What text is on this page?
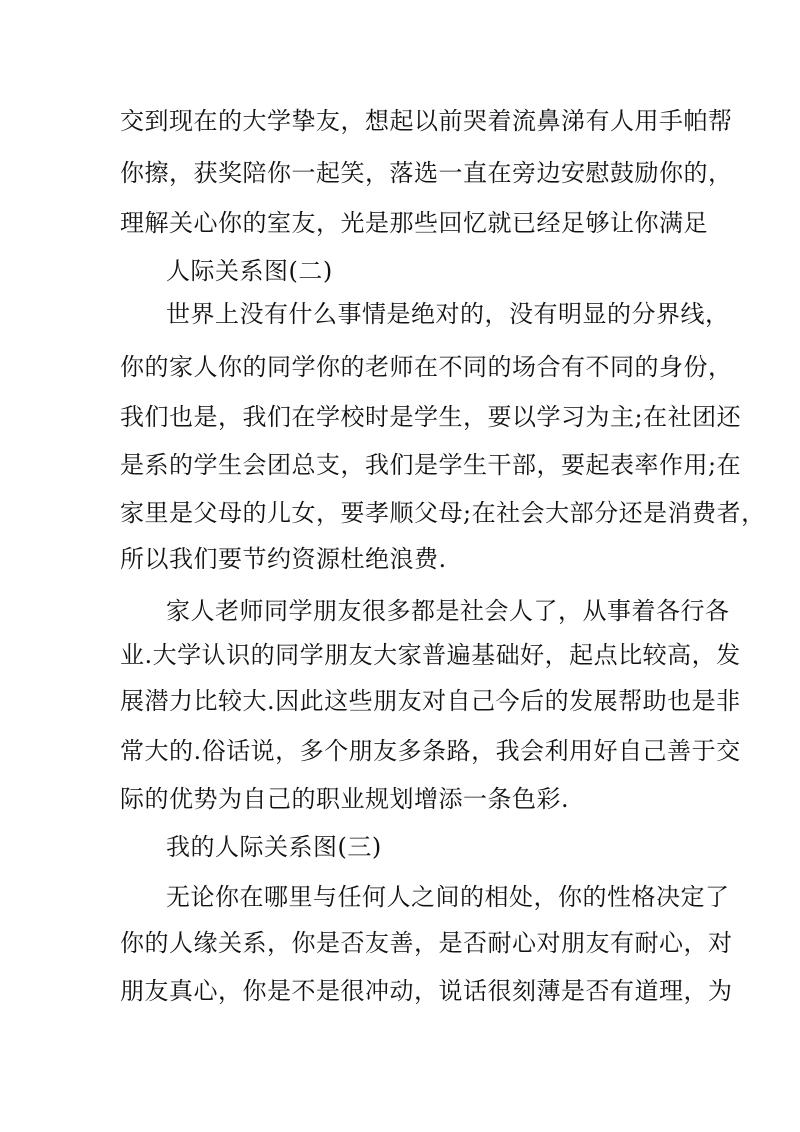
交到现在的大学挚友，想起以前哭着流鼻涕有人用手帕帮
你擦，获奖陪你一起笑，落选一直在旁边安慰鼓励你的，
理解关心你的室友，光是那些回忆就已经足够让你满足
人际关系图(二)
世界上没有什么事情是绝对的，没有明显的分界线，
你的家人你的同学你的老师在不同的场合有不同的身份，
我们也是，我们在学校时是学生，要以学习为主;在社团还
是系的学生会团总支，我们是学生干部，要起表率作用;在
家里是父母的儿女，要孝顺父母;在社会大部分还是消费者，
所以我们要节约资源杜绝浪费.
家人老师同学朋友很多都是社会人了，从事着各行各
业.大学认识的同学朋友大家普遍基础好，起点比较高，发
展潜力比较大.因此这些朋友对自己今后的发展帮助也是非
常大的.俗话说，多个朋友多条路，我会利用好自己善于交
际的优势为自己的职业规划增添一条色彩.
我的人际关系图(三)
无论你在哪里与任何人之间的相处，你的性格决定了
你的人缘关系，你是否友善，是否耐心对朋友有耐心，对
朋友真心，你是不是很冲动，说话很刻薄是否有道理，为
